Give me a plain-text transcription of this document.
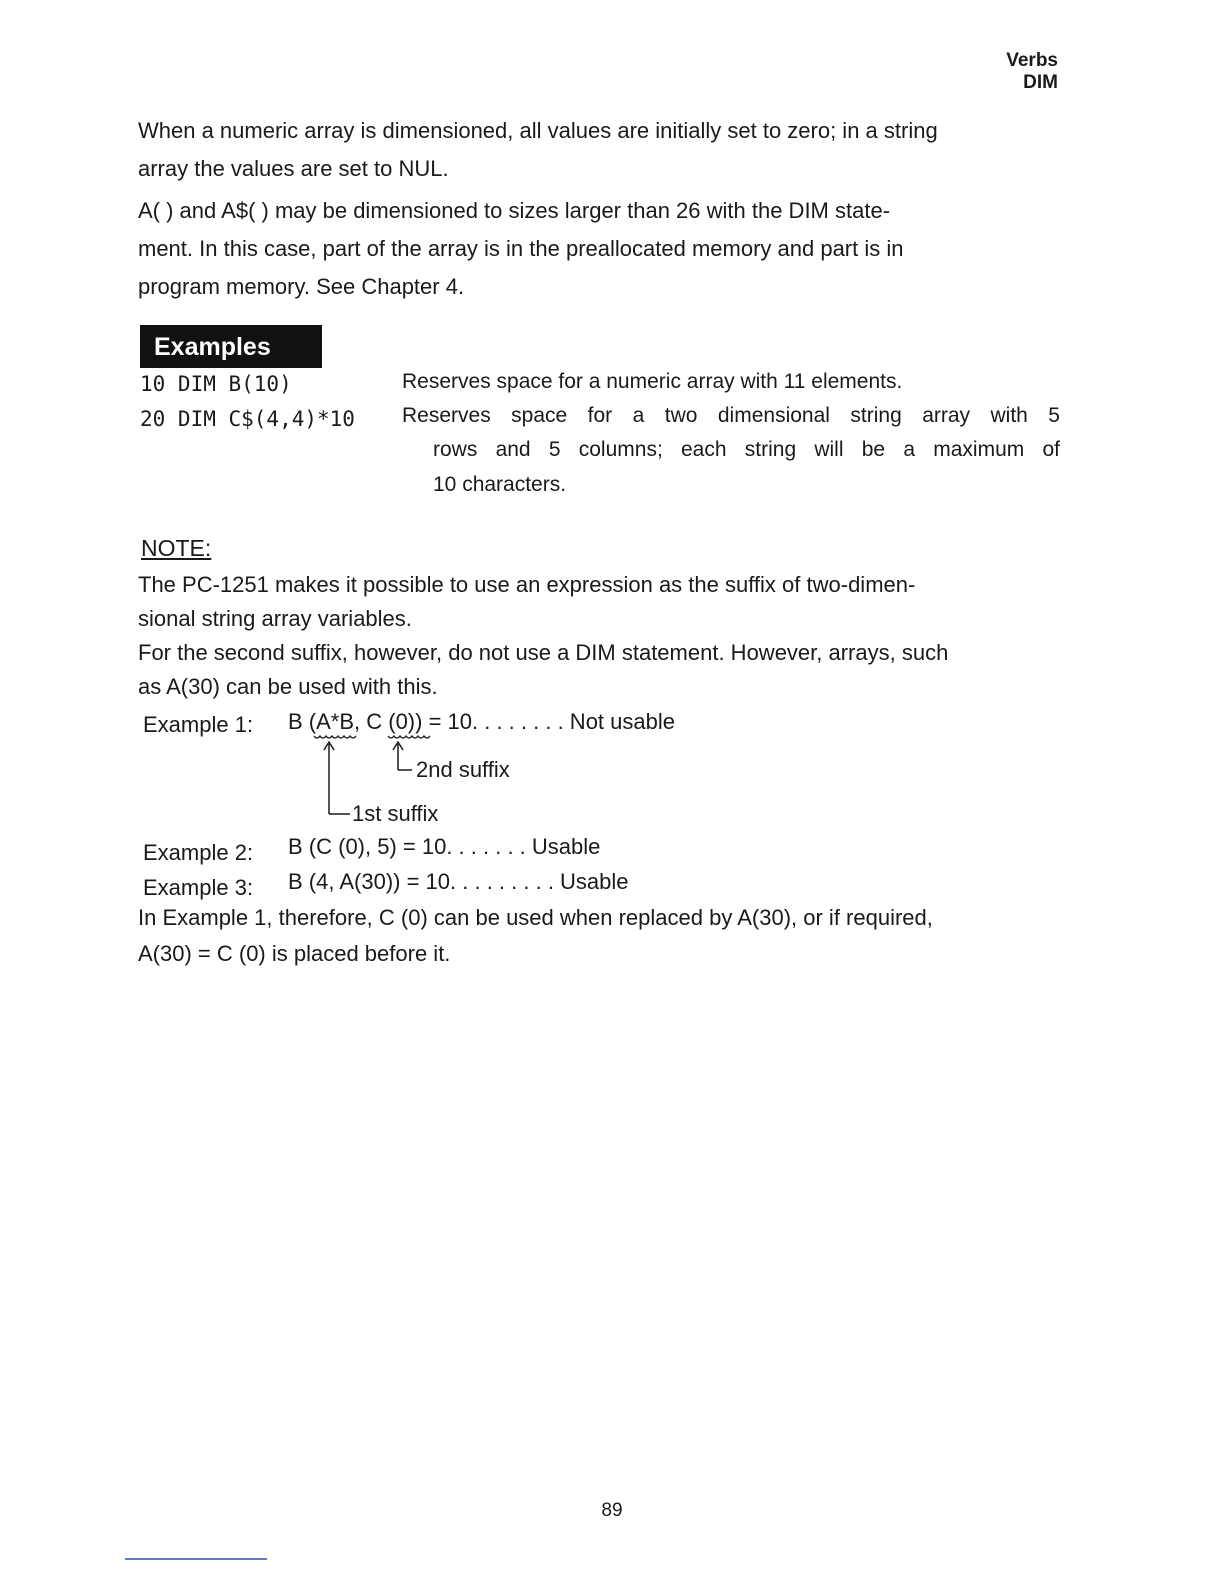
Verbs
DIM
When a numeric array is dimensioned, all values are initially set to zero; in a string
array the values are set to NUL.
A( ) and A$( ) may be dimensioned to sizes larger than 26 with the DIM state-
ment. In this case, part of the array is in the preallocated memory and part is in
program memory. See Chapter 4.
Examples
10 DIM B(10)	Reserves space for a numeric array with 11 elements.
20 DIM C$(4,4)*10 Reserves space for a two dimensional string array with 5
rows and 5 columns; each string will be a maximum of
10 characters.
NOTE:
The PC-1251 makes it possible to use an expression as the suffix of two-dimen-
sional string array variables.
For the second suffix, however, do not use a DIM statement. However, arrays, such
as A(30) can be used with this.
Example 1: B (A*B, C (0)) = 10. . . . . . . . Not usable
2nd suffix
1st suffix
Example 2: B (C (0), 5) = 10. . . . . . . Usable
Example 3: B (4, A(30)) = 10. . . . . . . . . Usable
In Example 1, therefore, C (0) can be used when replaced by A(30), or if required,
A(30) = C (0) is placed before it.
89
